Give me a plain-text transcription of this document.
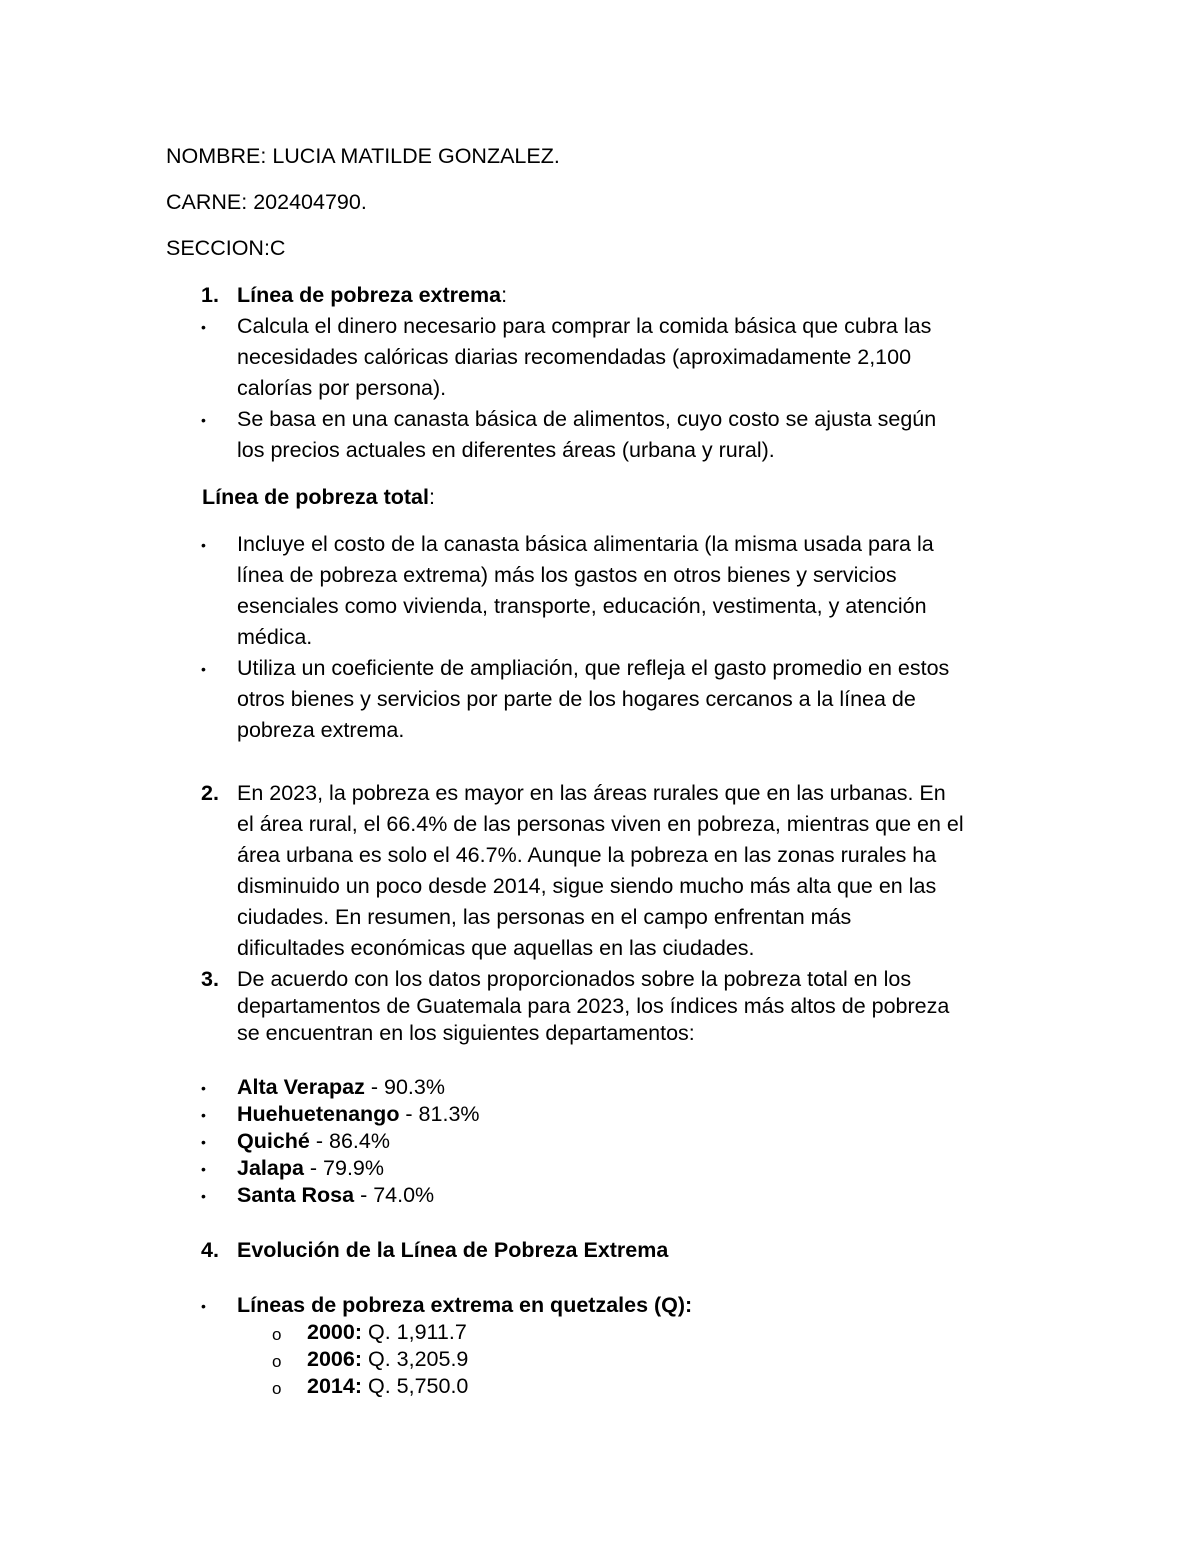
NOMBRE: LUCIA MATILDE GONZALEZ.
CARNE: 202404790.
SECCION:C
1. Línea de pobreza extrema:
• Calcula el dinero necesario para comprar la comida básica que cubra las
necesidades calóricas diarias recomendadas (aproximadamente 2,100
calorías por persona).
• Se basa en una canasta básica de alimentos, cuyo costo se ajusta según
los precios actuales en diferentes áreas (urbana y rural).
Línea de pobreza total:
• Incluye el costo de la canasta básica alimentaria (la misma usada para la
línea de pobreza extrema) más los gastos en otros bienes y servicios
esenciales como vivienda, transporte, educación, vestimenta, y atención
médica.
• Utiliza un coeficiente de ampliación, que refleja el gasto promedio en estos
otros bienes y servicios por parte de los hogares cercanos a la línea de
pobreza extrema.
2. En 2023, la pobreza es mayor en las áreas rurales que en las urbanas. En
el área rural, el 66.4% de las personas viven en pobreza, mientras que en el
área urbana es solo el 46.7%. Aunque la pobreza en las zonas rurales ha
disminuido un poco desde 2014, sigue siendo mucho más alta que en las
ciudades. En resumen, las personas en el campo enfrentan más
dificultades económicas que aquellas en las ciudades.
3. De acuerdo con los datos proporcionados sobre la pobreza total en los
departamentos de Guatemala para 2023, los índices más altos de pobreza
se encuentran en los siguientes departamentos:
• Alta Verapaz - 90.3%
• Huehuetenango - 81.3%
• Quiché - 86.4%
• Jalapa - 79.9%
• Santa Rosa - 74.0%
4. Evolución de la Línea de Pobreza Extrema
• Líneas de pobreza extrema en quetzales (Q):
o 2000: Q. 1,911.7
o 2006: Q. 3,205.9
o 2014: Q. 5,750.0
